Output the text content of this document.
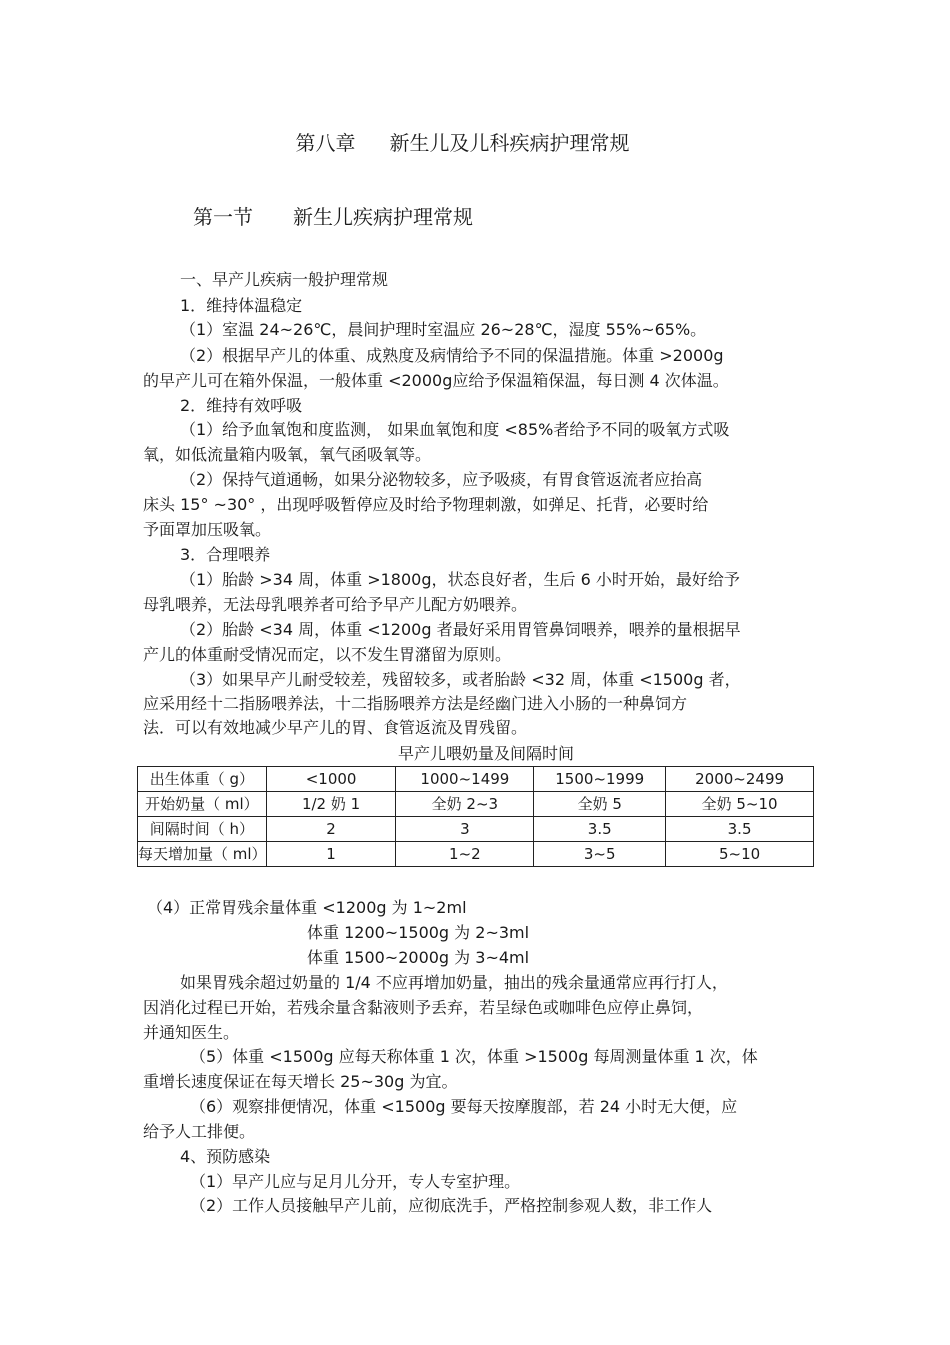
第八章 新生儿及儿科疾病护理常规
第一节 新生儿疾病护理常规
一、早产儿疾病一般护理常规
1．维持体温稳定
（1）室温 24~26℃，晨间护理时室温应 26~28℃，湿度 55%~65%。
（2）根据早产儿的体重、成熟度及病情给予不同的保温措施。体重 >2000g
的早产儿可在箱外保温，一般体重 <2000g应给予保温箱保温，每日测 4 次体温。
2．维持有效呼吸
（1）给予血氧饱和度监测， 如果血氧饱和度 <85%者给予不同的吸氧方式吸
氧，如低流量箱内吸氧，氧气函吸氧等。
（2）保持气道通畅，如果分泌物较多，应予吸痰，有胃食管返流者应抬高
床头 15° ~30° ，出现呼吸暂停应及时给予物理刺激，如弹足、托背，必要时给
予面罩加压吸氧。
3．合理喂养
（1）胎龄 >34 周，体重 >1800g，状态良好者，生后 6 小时开始，最好给予
母乳喂养，无法母乳喂养者可给予早产儿配方奶喂养。
（2）胎龄 <34 周，体重 <1200g 者最好采用胃管鼻饲喂养，喂养的量根据早
产儿的体重耐受情况而定，以不发生胃潴留为原则。
（3）如果早产儿耐受较差，残留较多，或者胎龄 <32 周，体重 <1500g 者，
应采用经十二指肠喂养法，十二指肠喂养方法是经幽门进入小肠的一种鼻饲方
法．可以有效地减少早产儿的胃、食管返流及胃残留。
早产儿喂奶量及间隔时间
出生体重（ g）	<1000	1000~1499	1500~1999	2000~2499
开始奶量（ ml）	1/2 奶 1	全奶 2~3	全奶 5	全奶 5~10
间隔时间（ h）	2	3	3.5	3.5
每天增加量（ ml）	1	1~2	3~5	5~10
（4）正常胃残余量体重 <1200g 为 1~2ml
体重 1200~1500g 为 2~3ml
体重 1500~2000g 为 3~4ml
如果胃残余超过奶量的 1/4 不应再增加奶量，抽出的残余量通常应再行打人，
因消化过程已开始，若残余量含黏液则予丢弃，若呈绿色或咖啡色应停止鼻饲，
并通知医生。
（5）体重 <1500g 应每天称体重 1 次，体重 >1500g 每周测量体重 1 次，体
重增长速度保证在每天增长 25~30g 为宜。
（6）观察排便情况，体重 <1500g 要每天按摩腹部，若 24 小时无大便，应
给予人工排便。
4、预防感染
（1）早产儿应与足月儿分开，专人专室护理。
（2）工作人员接触早产儿前，应彻底洗手，严格控制参观人数，非工作人
